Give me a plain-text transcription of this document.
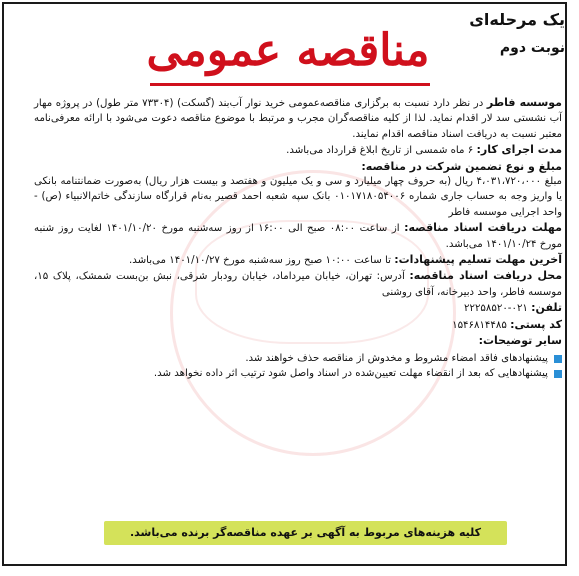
یک مرحله‌ای
نوبت دوم
مناقصه عمومی

موسسه فاطر در نظر دارد نسبت به برگزاری مناقصه‌عمومی خرید نوار آب‌بند (گسکت) (۷۳۳۰۴ متر طول) در پروژه مهار آب نشستی سد لار اقدام نماید. لذا از کلیه مناقصه‌گران مجرب و مرتبط با موضوع مناقصه دعوت می‌شود با ارائه معرفی‌نامه معتبر نسبت به دریافت اسناد مناقصه اقدام نمایند.

مدت اجرای کار: ۶ ماه شمسی از تاریخ ابلاغ قرارداد می‌باشد.

مبلغ و نوع تضمین شرکت در مناقصه:

مبلغ ۴،۰۳۱،۷۲۰،۰۰۰ ریال (به حروف چهار میلیارد و سی و یک میلیون و هفتصد و بیست هزار ریال) به‌صورت ضمانتنامه بانکی یا واریز وجه به حساب جاری شماره ۰۱۰۱۷۱۸۰۵۴۰۰۶ بانک سپه شعبه احمد قصیر به‌نام قرارگاه سازندگی خاتم‌الانبیاء (ص) - واحد اجرایی موسسه فاطر

مهلت دریافت اسناد مناقصه: از ساعت ۰۸:۰۰ صبح الی ۱۶:۰۰ از روز سه‌شنبه مورخ ۱۴۰۱/۱۰/۲۰ لغایت روز شنبه مورخ ۱۴۰۱/۱۰/۲۴ می‌باشد.

آخرین مهلت تسلیم پیشنهادات: تا ساعت ۱۰:۰۰ صبح روز سه‌شنبه مورخ ۱۴۰۱/۱۰/۲۷ می‌باشد.

محل دریافت اسناد مناقصه: آدرس: تهران، خیابان میرداماد، خیابان رودبار شرقی، نبش بن‌بست شمشک، پلاک ۱۵، موسسه فاطر، واحد دبیرخانه، آقای روشنی

تلفن: ۰۲۱-۲۲۲۵۸۵۲۰

کد پستی: ۱۵۴۶۸۱۴۴۸۵

سایر توضیحات:

پیشنهادهای فاقد امضاء مشروط و مخدوش از مناقصه حذف خواهند شد.
پیشنهادهایی که بعد از انقضاء مهلت تعیین‌شده در اسناد واصل شود ترتیب اثر داده نخواهد شد.
کلیه هزینه‌های مربوط به آگهی بر عهده مناقصه‌گر برنده می‌باشد.
